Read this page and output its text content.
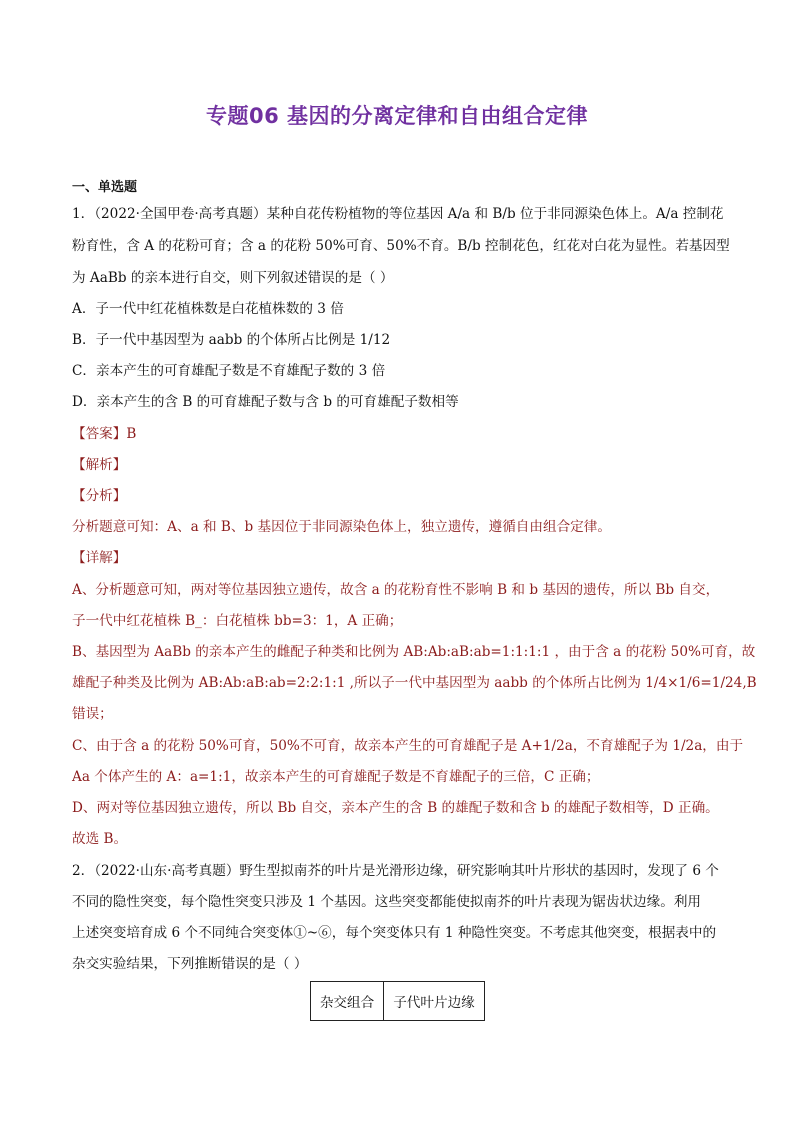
专题06 基因的分离定律和自由组合定律
一、单选题
1．（2022·全国甲卷·高考真题）某种自花传粉植物的等位基因 A/a 和 B/b 位于非同源染色体上。A/a 控制花
粉育性，含 A 的花粉可育；含 a 的花粉 50%可育、50%不育。B/b 控制花色，红花对白花为显性。若基因型
为 AaBb 的亲本进行自交，则下列叙述错误的是（ ）
A．子一代中红花植株数是白花植株数的 3 倍
B．子一代中基因型为 aabb 的个体所占比例是 1/12
C．亲本产生的可育雄配子数是不育雄配子数的 3 倍
D．亲本产生的含 B 的可育雄配子数与含 b 的可育雄配子数相等
【答案】B
【解析】
【分析】
分析题意可知：A、a 和 B、b 基因位于非同源染色体上，独立遗传，遵循自由组合定律。
【详解】
A、分析题意可知，两对等位基因独立遗传，故含 a 的花粉育性不影响 B 和 b 基因的遗传，所以 Bb 自交，
子一代中红花植株 B_：白花植株 bb=3：1，A 正确；
B、基因型为 AaBb 的亲本产生的雌配子种类和比例为 AB:Ab:aB:ab=1:1:1:1 ，由于含 a 的花粉 50%可育，故
雄配子种类及比例为 AB:Ab:aB:ab=2:2:1:1 ,所以子一代中基因型为 aabb 的个体所占比例为 1/4×1/6=1/24,B
错误；
C、由于含 a 的花粉 50%可育，50%不可育，故亲本产生的可育雄配子是 A+1/2a，不育雄配子为 1/2a，由于
Aa 个体产生的 A：a=1:1，故亲本产生的可育雄配子数是不育雄配子的三倍，C 正确；
D、两对等位基因独立遗传，所以 Bb 自交，亲本产生的含 B 的雄配子数和含 b 的雄配子数相等，D 正确。
故选 B。
2．（2022·山东·高考真题）野生型拟南芥的叶片是光滑形边缘，研究影响其叶片形状的基因时，发现了 6 个
不同的隐性突变，每个隐性突变只涉及 1 个基因。这些突变都能使拟南芥的叶片表现为锯齿状边缘。利用
上述突变培育成 6 个不同纯合突变体①~⑥，每个突变体只有 1 种隐性突变。不考虑其他突变，根据表中的
杂交实验结果，下列推断错误的是（ ）
杂交组合	子代叶片边缘
